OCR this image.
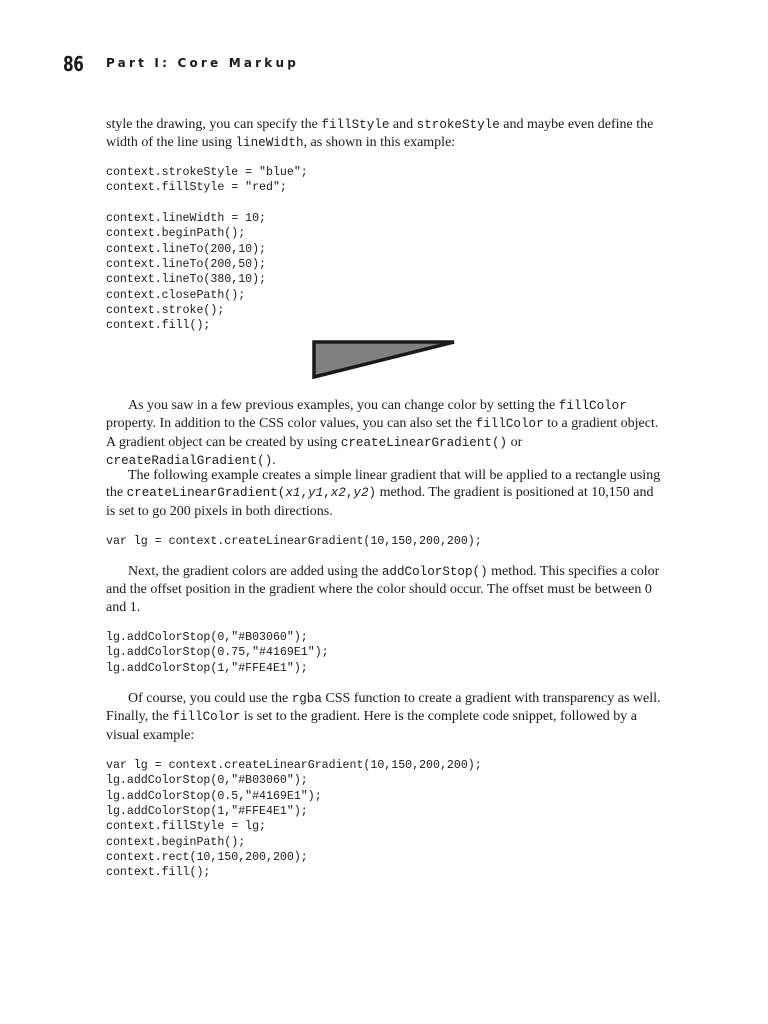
86 Part I: Core Markup

style the drawing, you can specify the fillStyle and strokeStyle and maybe even define the width of the line using lineWidth, as shown in this example:

context.strokeStyle = "blue";
context.fillStyle = "red";

context.lineWidth = 10;
context.beginPath();
context.lineTo(200,10);
context.lineTo(200,50);
context.lineTo(380,10);
context.closePath();
context.stroke();
context.fill();

As you saw in a few previous examples, you can change color by setting the fillColor property. In addition to the CSS color values, you can also set the fillColor to a gradient object. A gradient object can be created by using createLinearGradient() or createRadialGradient().

The following example creates a simple linear gradient that will be applied to a rectangle using the createLinearGradient(x1,y1,x2,y2) method. The gradient is positioned at 10,150 and is set to go 200 pixels in both directions.

var lg = context.createLinearGradient(10,150,200,200);

Next, the gradient colors are added using the addColorStop() method. This specifies a color and the offset position in the gradient where the color should occur. The offset must be between 0 and 1.

lg.addColorStop(0,"#B03060");
lg.addColorStop(0.75,"#4169E1");
lg.addColorStop(1,"#FFE4E1");

Of course, you could use the rgba CSS function to create a gradient with transparency as well. Finally, the fillColor is set to the gradient. Here is the complete code snippet, followed by a visual example:

var lg = context.createLinearGradient(10,150,200,200);
lg.addColorStop(0,"#B03060");
lg.addColorStop(0.5,"#4169E1");
lg.addColorStop(1,"#FFE4E1");
context.fillStyle = lg;
context.beginPath();
context.rect(10,150,200,200);
context.fill();
